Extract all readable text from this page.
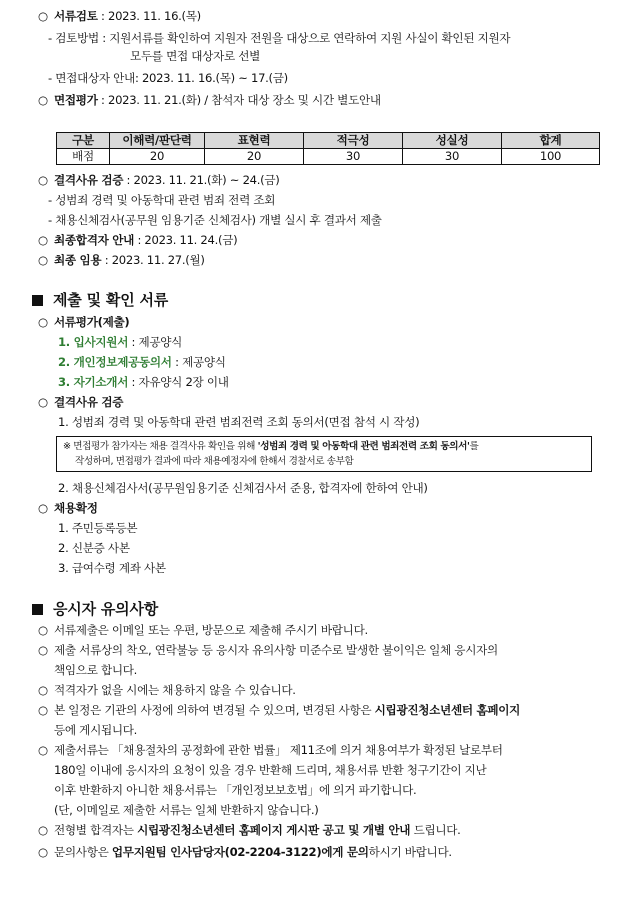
○ 서류검토 : 2023. 11. 16.(목)
- 검토방법 : 지원서류를 확인하여 지원자 전원을 대상으로 연락하여 지원 사실이 확인된 지원자
모두를 면접 대상자로 선별
- 면접대상자 안내: 2023. 11. 16.(목) ~ 17.(금)
○ 면접평가 : 2023. 11. 21.(화) / 참석자 대상 장소 및 시간 별도안내
구분	이해력/판단력	표현력	적극성	성실성	합계
배점	20	20	30	30	100
○ 결격사유 검증 : 2023. 11. 21.(화) ~ 24.(금)
- 성범죄 경력 및 아동학대 관련 범죄 전력 조회
- 채용신체검사(공무원 임용기준 신체검사) 개별 실시 후 결과서 제출
○ 최종합격자 안내 : 2023. 11. 24.(금)
○ 최종 임용 : 2023. 11. 27.(월)
제출 및 확인 서류
○ 서류평가(제출)
1. 입사지원서 : 제공양식
2. 개인정보제공동의서 : 제공양식
3. 자기소개서 : 자유양식 2장 이내
○ 결격사유 검증
1. 성범죄 경력 및 아동학대 관련 범죄전력 조회 동의서(면접 참석 시 작성)
※ 면접평가 참가자는 채용 결격사유 확인을 위해 '성범죄 경력 및 아동학대 관련 범죄전력 조회 동의서'를
작성하며, 면접평가 결과에 따라 채용예정자에 한해서 경찰서로 송부함
2. 채용신체검사서(공무원임용기준 신체검사서 준용, 합격자에 한하여 안내)
○ 채용확정
1. 주민등록등본
2. 신분증 사본
3. 급여수령 계좌 사본
응시자 유의사항
○ 서류제출은 이메일 또는 우편, 방문으로 제출해 주시기 바랍니다.
○ 제출 서류상의 착오, 연락불능 등 응시자 유의사항 미준수로 발생한 불이익은 일체 응시자의
책임으로 합니다.
○ 적격자가 없을 시에는 채용하지 않을 수 있습니다.
○ 본 일정은 기관의 사정에 의하여 변경될 수 있으며, 변경된 사항은 시립광진청소년센터 홈페이지
등에 게시됩니다.
○ 제출서류는 「채용절차의 공정화에 관한 법률」 제11조에 의거 채용여부가 확정된 날로부터
180일 이내에 응시자의 요청이 있을 경우 반환해 드리며, 채용서류 반환 청구기간이 지난
이후 반환하지 아니한 채용서류는 「개인정보보호법」에 의거 파기합니다.
(단, 이메일로 제출한 서류는 일체 반환하지 않습니다.)
○ 전형별 합격자는 시립광진청소년센터 홈페이지 게시판 공고 및 개별 안내 드립니다.
○ 문의사항은 업무지원팀 인사담당자(02-2204-3122)에게 문의하시기 바랍니다.
